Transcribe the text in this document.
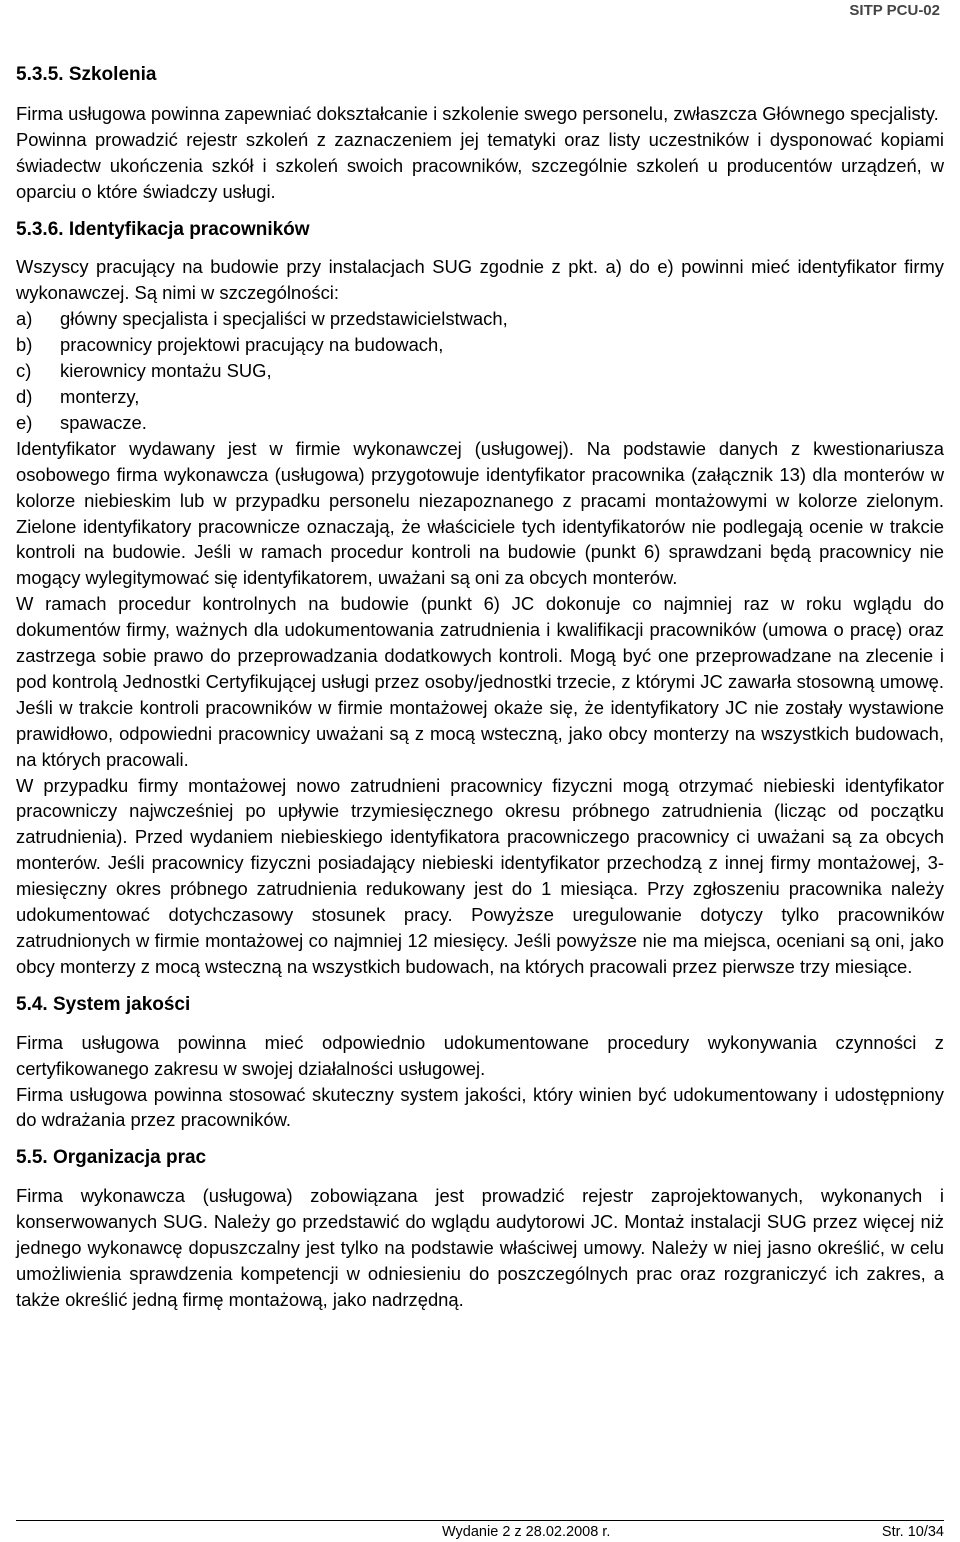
SITP PCU-02

5.3.5. Szkolenia

Firma usługowa powinna zapewniać dokształcanie i szkolenie swego personelu, zwłaszcza Głównego specjalisty.

Powinna prowadzić rejestr szkoleń z zaznaczeniem jej tematyki oraz listy uczestników i dysponować kopiami świadectw ukończenia szkół i szkoleń swoich pracowników, szczególnie szkoleń u producentów urządzeń, w oparciu o które świadczy usługi.

5.3.6. Identyfikacja pracowników

Wszyscy pracujący na budowie przy instalacjach SUG zgodnie z pkt. a) do e) powinni mieć identyfikator firmy wykonawczej. Są nimi w szczególności:

a)	główny specjalista i specjaliści w przedstawicielstwach,
b)	pracownicy projektowi pracujący na budowach,
c)	kierownicy montażu SUG,
d)	monterzy,
e)	spawacze.

Identyfikator wydawany jest w firmie wykonawczej (usługowej). Na podstawie danych z kwestionariusza osobowego firma wykonawcza (usługowa) przygotowuje identyfikator pracownika (załącznik 13) dla monterów w kolorze niebieskim lub w przypadku personelu niezapoznanego z pracami montażowymi w kolorze zielonym. Zielone identyfikatory pracownicze oznaczają, że właściciele tych identyfikatorów nie podlegają ocenie w trakcie kontroli na budowie. Jeśli w ramach procedur kontroli na budowie (punkt 6) sprawdzani będą pracownicy nie mogący wylegitymować się identyfikatorem, uważani są oni za obcych monterów.

W ramach procedur kontrolnych na budowie (punkt 6) JC dokonuje co najmniej raz w roku wglądu do dokumentów firmy, ważnych dla udokumentowania zatrudnienia i kwalifikacji pracowników (umowa o pracę) oraz zastrzega sobie prawo do przeprowadzania dodatkowych kontroli. Mogą być one przeprowadzane na zlecenie i pod kontrolą Jednostki Certyfikującej usługi przez osoby/jednostki trzecie, z którymi JC zawarła stosowną umowę. Jeśli w trakcie kontroli pracowników w firmie montażowej okaże się, że identyfikatory JC nie zostały wystawione prawidłowo, odpowiedni pracownicy uważani są z mocą wsteczną, jako obcy monterzy na wszystkich budowach, na których pracowali.

W przypadku firmy montażowej nowo zatrudnieni pracownicy fizyczni mogą otrzymać niebieski identyfikator pracowniczy najwcześniej po upływie trzymiesięcznego okresu próbnego zatrudnienia (licząc od początku zatrudnienia). Przed wydaniem niebieskiego identyfikatora pracowniczego pracownicy ci uważani są za obcych monterów. Jeśli pracownicy fizyczni posiadający niebieski identyfikator przechodzą z innej firmy montażowej, 3-miesięczny okres próbnego zatrudnienia redukowany jest do 1 miesiąca. Przy zgłoszeniu pracownika należy udokumentować dotychczasowy stosunek pracy. Powyższe uregulowanie dotyczy tylko pracowników zatrudnionych w firmie montażowej co najmniej 12 miesięcy. Jeśli powyższe nie ma miejsca, oceniani są oni, jako obcy monterzy z mocą wsteczną na wszystkich budowach, na których pracowali przez pierwsze trzy miesiące.

5.4. System jakości

Firma usługowa powinna mieć odpowiednio udokumentowane procedury wykonywania czynności z certyfikowanego zakresu w swojej działalności usługowej.

Firma usługowa powinna stosować skuteczny system jakości, który winien być udokumentowany i udostępniony do wdrażania przez pracowników.

5.5. Organizacja prac

Firma wykonawcza (usługowa) zobowiązana jest prowadzić rejestr zaprojektowanych, wykonanych i konserwowanych SUG. Należy go przedstawić do wglądu audytorowi JC. Montaż instalacji SUG przez więcej niż jednego wykonawcę dopuszczalny jest tylko na podstawie właściwej umowy. Należy w niej jasno określić, w celu umożliwienia sprawdzenia kompetencji w odniesieniu do poszczególnych prac oraz rozgraniczyć ich zakres, a także określić jedną firmę montażową, jako nadrzędną.

Wydanie 2 z 28.02.2008 r.	Str. 10/34
